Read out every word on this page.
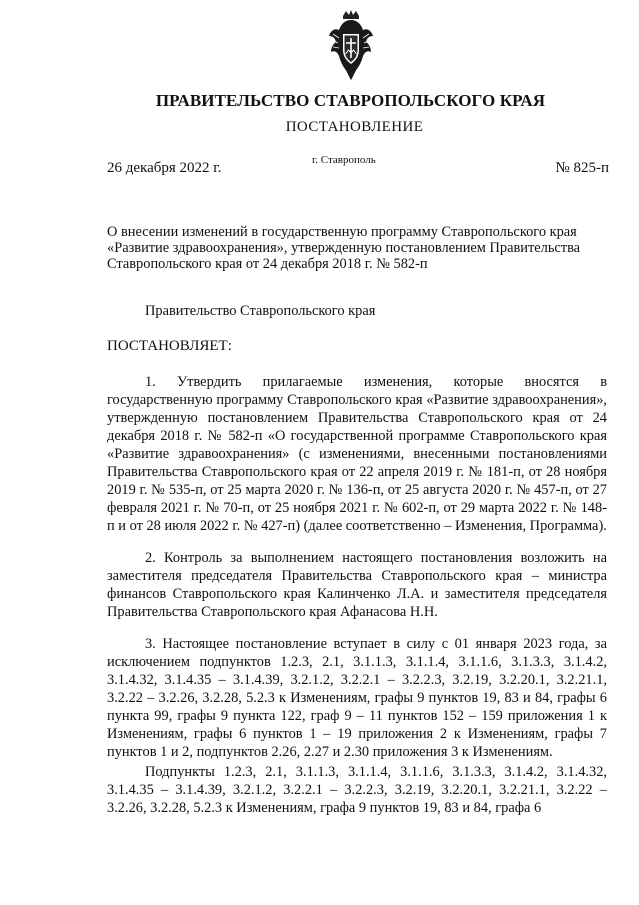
ПРАВИТЕЛЬСТВО СТАВРОПОЛЬСКОГО КРАЯ
ПОСТАНОВЛЕНИЕ
26 декабря 2022 г.	г. Ставрополь	№ 825-п
О внесении изменений в государственную программу Ставропольского края
«Развитие здравоохранения», утвержденную постановлением Правительства
Ставропольского края от 24 декабря 2018 г. № 582-п
Правительство Ставропольского края
ПОСТАНОВЛЯЕТ:

1. Утвердить прилагаемые изменения, которые вносятся в государственную программу Ставропольского края «Развитие здравоохранения», утвержденную постановлением Правительства Ставропольского края от 24 декабря 2018 г. № 582-п «О государственной программе Ставропольского края «Развитие здравоохранения» (с изменениями, внесенными постановлениями Правительства Ставропольского края от 22 апреля 2019 г. № 181-п, от 28 ноября 2019 г. № 535-п, от 25 марта 2020 г. № 136-п, от 25 августа 2020 г. № 457-п, от 27 февраля 2021 г. № 70-п, от 25 ноября 2021 г. № 602-п, от 29 марта 2022 г. № 148-п и от 28 июля 2022 г. № 427-п) (далее соответственно – Изменения, Программа).

2. Контроль за выполнением настоящего постановления возложить на заместителя председателя Правительства Ставропольского края – министра финансов Ставропольского края Калинченко Л.А. и заместителя председателя Правительства Ставропольского края Афанасова Н.Н.

3. Настоящее постановление вступает в силу с 01 января 2023 года, за исключением подпунктов 1.2.3, 2.1, 3.1.1.3, 3.1.1.4, 3.1.1.6, 3.1.3.3, 3.1.4.2, 3.1.4.32, 3.1.4.35 – 3.1.4.39, 3.2.1.2, 3.2.2.1 – 3.2.2.3, 3.2.19, 3.2.20.1, 3.2.21.1, 3.2.22 – 3.2.26, 3.2.28, 5.2.3 к Изменениям, графы 9 пунктов 19, 83 и 84, графы 6 пункта 99, графы 9 пункта 122, граф 9 – 11 пунктов 152 – 159 приложения 1 к Изменениям, графы 6 пунктов 1 – 19 приложения 2 к Изменениям, графы 7 пунктов 1 и 2, подпунктов 2.26, 2.27 и 2.30 приложения 3 к Изменениям.

Подпункты 1.2.3, 2.1, 3.1.1.3, 3.1.1.4, 3.1.1.6, 3.1.3.3, 3.1.4.2, 3.1.4.32, 3.1.4.35 – 3.1.4.39, 3.2.1.2, 3.2.2.1 – 3.2.2.3, 3.2.19, 3.2.20.1, 3.2.21.1, 3.2.22 – 3.2.26, 3.2.28, 5.2.3 к Изменениям, графа 9 пунктов 19, 83 и 84, графа 6
